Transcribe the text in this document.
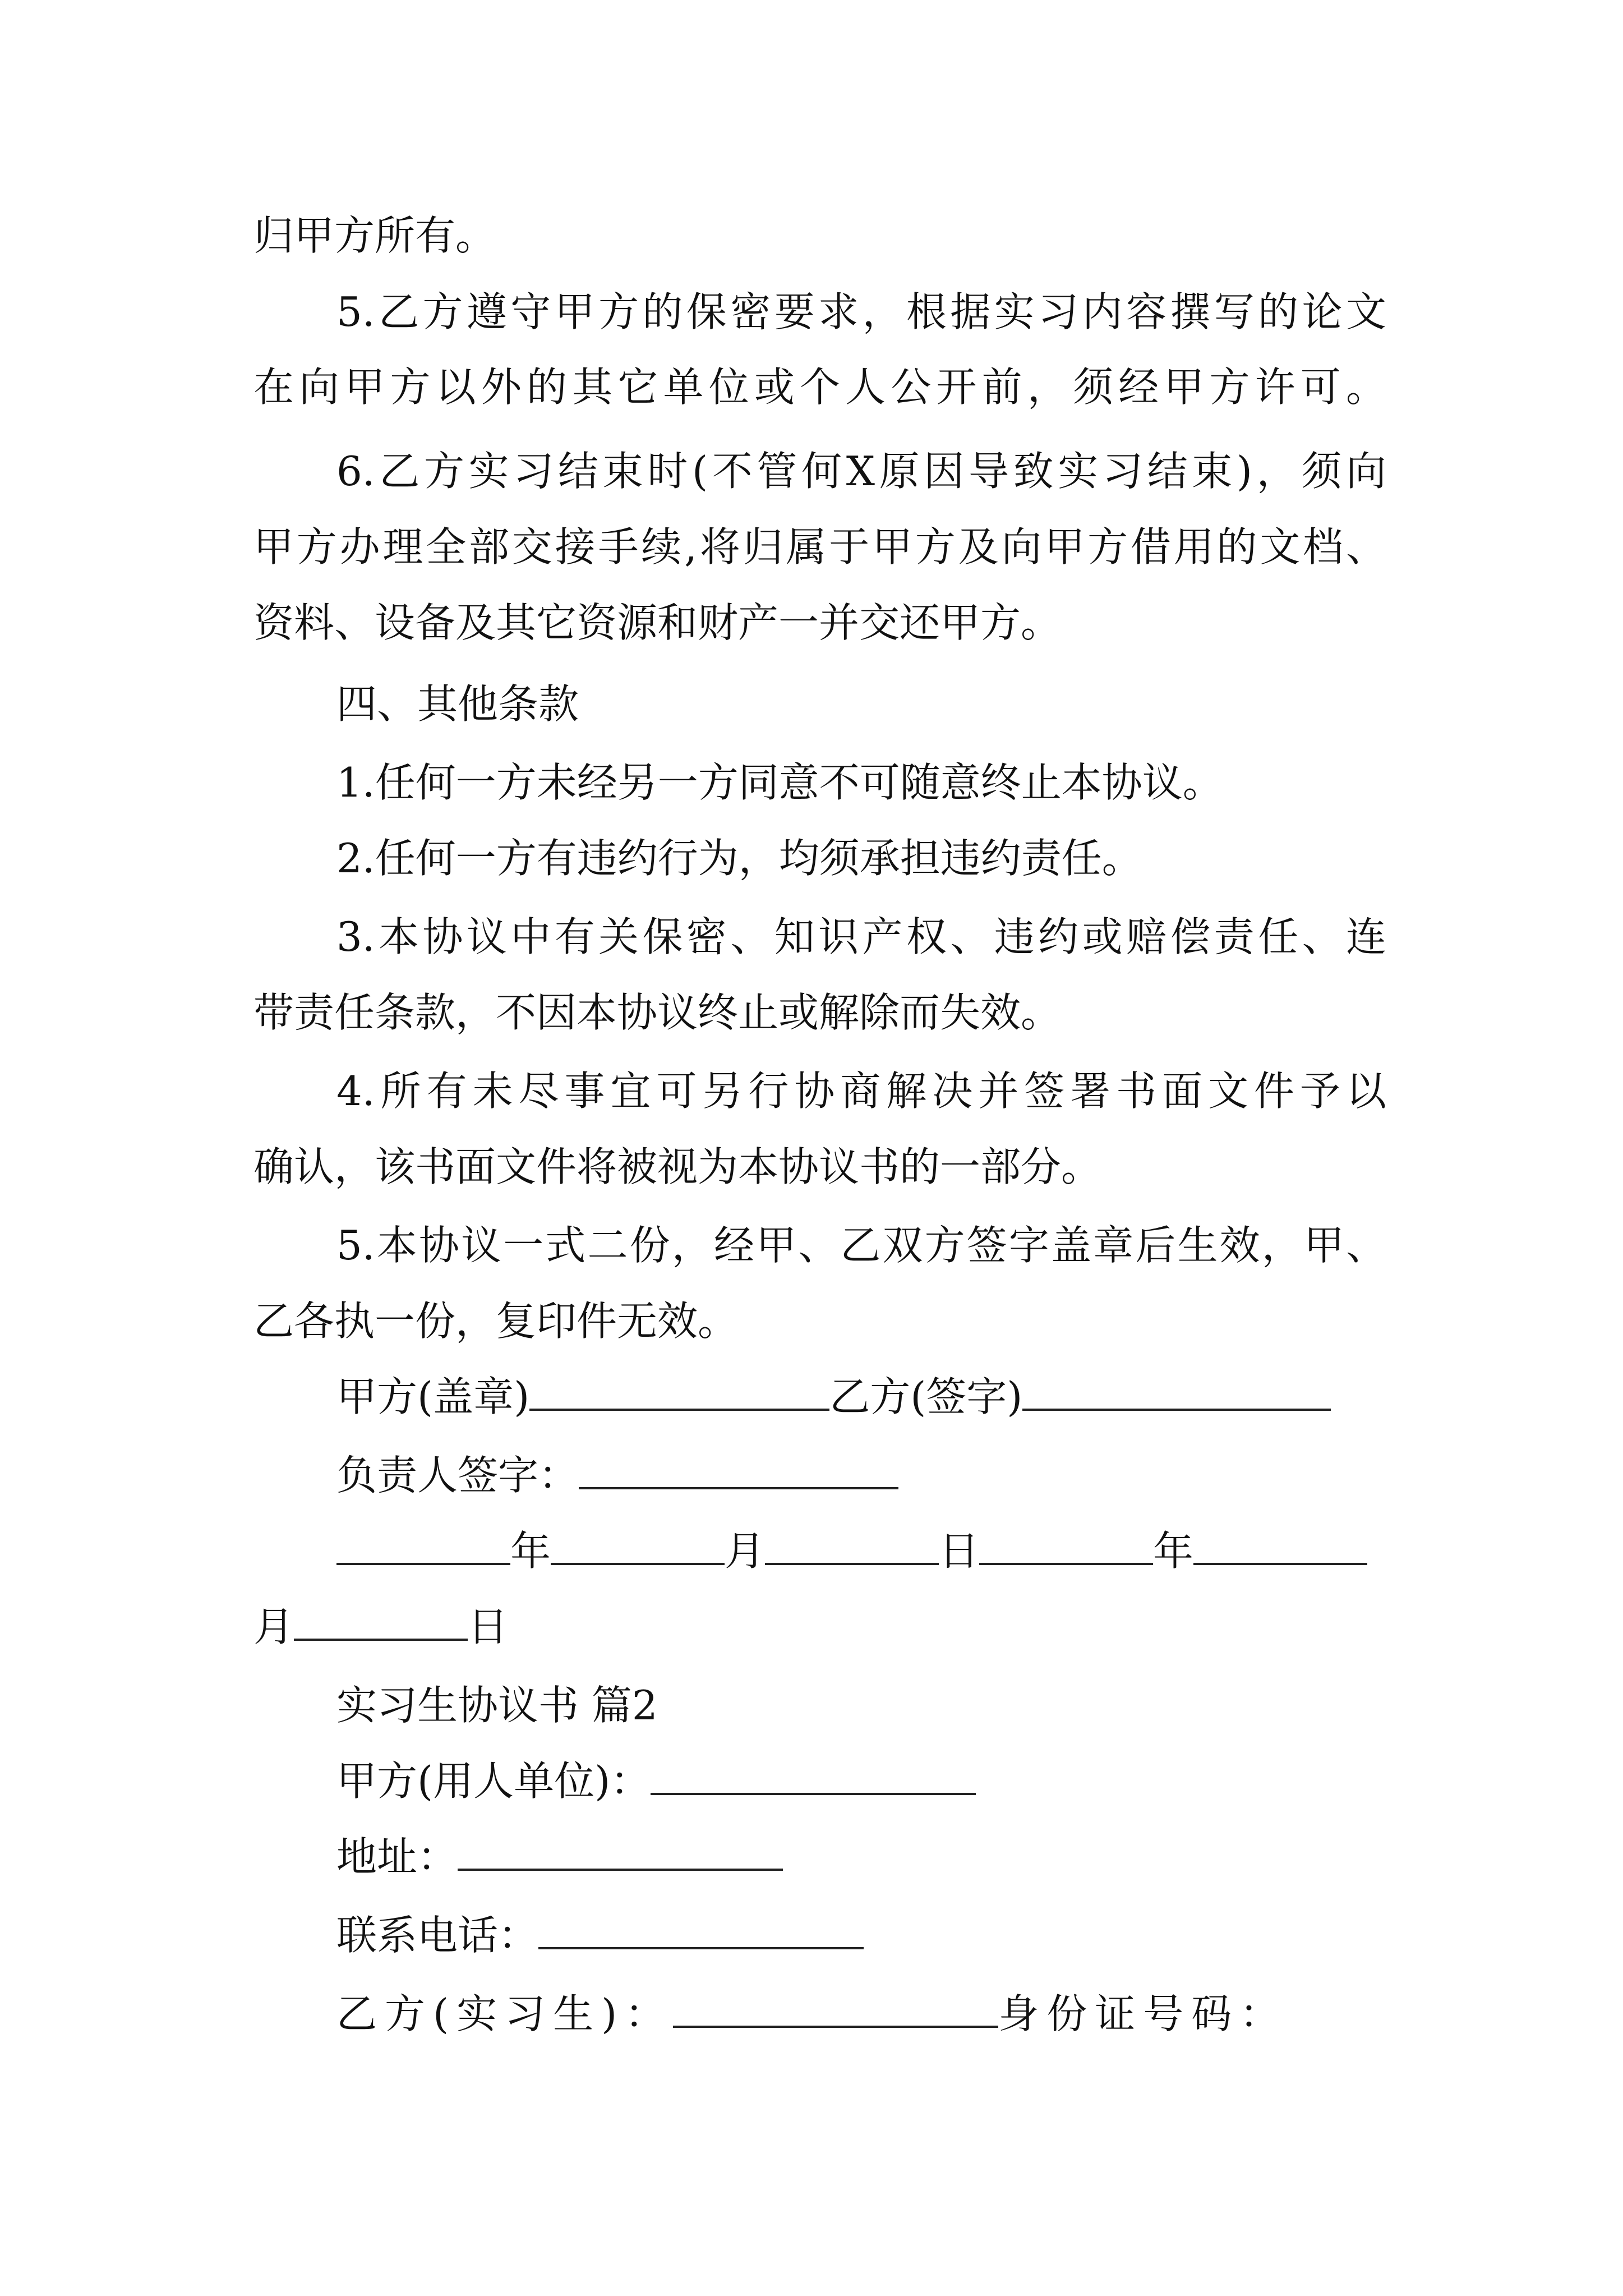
归甲方所有。
5.乙方遵守甲方的保密要求，根据实习内容撰写的论文
在向甲方以外的其它单位或个人公开前，须经甲方许可。
6.乙方实习结束时(不管何X原因导致实习结束)，须向
甲方办理全部交接手续,将归属于甲方及向甲方借用的文档、
资料、设备及其它资源和财产一并交还甲方。
四、其他条款
1.任何一方未经另一方同意不可随意终止本协议。
2.任何一方有违约行为，均须承担违约责任。
3.本协议中有关保密、知识产权、违约或赔偿责任、连
带责任条款，不因本协议终止或解除而失效。
4.所有未尽事宜可另行协商解决并签署书面文件予以
确认，该书面文件将被视为本协议书的一部分。
5.本协议一式二份，经甲、乙双方签字盖章后生效，甲、
乙各执一份，复印件无效。
甲方(盖章)	乙方(签字)
负责人签字：
年	月	日	年
月	日
实习生协议书 篇2
甲方(用人单位)：
地址：
联系电话：
乙方(实习生)：	身份证号码：
